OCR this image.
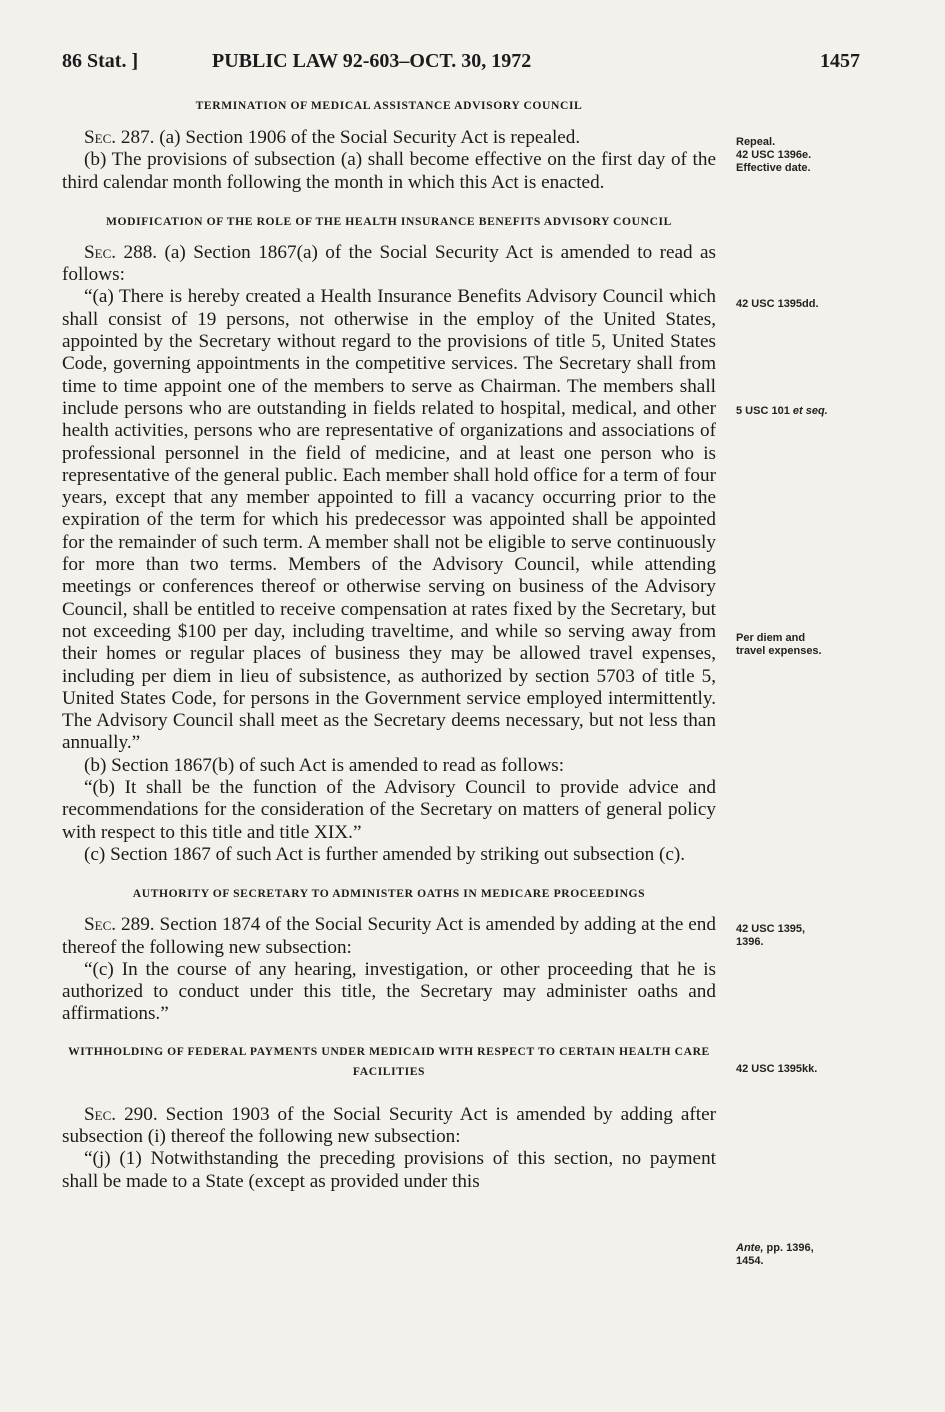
86 Stat. ]	PUBLIC LAW 92-603–OCT. 30, 1972	1457
TERMINATION OF MEDICAL ASSISTANCE ADVISORY COUNCIL

Sec. 287. (a) Section 1906 of the Social Security Act is repealed.

(b) The provisions of subsection (a) shall become effective on the first day of the third calendar month following the month in which this Act is enacted.

MODIFICATION OF THE ROLE OF THE HEALTH INSURANCE BENEFITS ADVISORY COUNCIL

Sec. 288. (a) Section 1867(a) of the Social Security Act is amended to read as follows:

“(a) There is hereby created a Health Insurance Benefits Advisory Council which shall consist of 19 persons, not otherwise in the employ of the United States, appointed by the Secretary without regard to the provisions of title 5, United States Code, governing appointments in the competitive services. The Secretary shall from time to time appoint one of the members to serve as Chairman. The members shall include persons who are outstanding in fields related to hospital, medical, and other health activities, persons who are representative of organizations and associations of professional personnel in the field of medicine, and at least one person who is representative of the general public. Each member shall hold office for a term of four years, except that any member appointed to fill a vacancy occurring prior to the expiration of the term for which his predecessor was appointed shall be appointed for the remainder of such term. A member shall not be eligible to serve continuously for more than two terms. Members of the Advisory Council, while attending meetings or conferences thereof or otherwise serving on business of the Advisory Council, shall be entitled to receive compensation at rates fixed by the Secretary, but not exceeding $100 per day, including traveltime, and while so serving away from their homes or regular places of business they may be allowed travel expenses, including per diem in lieu of subsistence, as authorized by section 5703 of title 5, United States Code, for persons in the Government service employed intermittently. The Advisory Council shall meet as the Secretary deems necessary, but not less than annually.”

(b) Section 1867(b) of such Act is amended to read as follows:

“(b) It shall be the function of the Advisory Council to provide advice and recommendations for the consideration of the Secretary on matters of general policy with respect to this title and title XIX.”

(c) Section 1867 of such Act is further amended by striking out subsection (c).

AUTHORITY OF SECRETARY TO ADMINISTER OATHS IN MEDICARE PROCEEDINGS

Sec. 289. Section 1874 of the Social Security Act is amended by adding at the end thereof the following new subsection:

“(c) In the course of any hearing, investigation, or other proceeding that he is authorized to conduct under this title, the Secretary may administer oaths and affirmations.”

WITHHOLDING OF FEDERAL PAYMENTS UNDER MEDICAID WITH RESPECT TO CERTAIN HEALTH CARE FACILITIES

Sec. 290. Section 1903 of the Social Security Act is amended by adding after subsection (i) thereof the following new subsection:

“(j) (1) Notwithstanding the preceding provisions of this section, no payment shall be made to a State (except as provided under this

Repeal.
42 USC 1396e.
Effective date.
42 USC 1395dd.
5 USC 101 et seq.
Per diem and
travel expenses.
42 USC 1395,
1396.
42 USC 1395kk.
Ante, pp. 1396,
1454.
